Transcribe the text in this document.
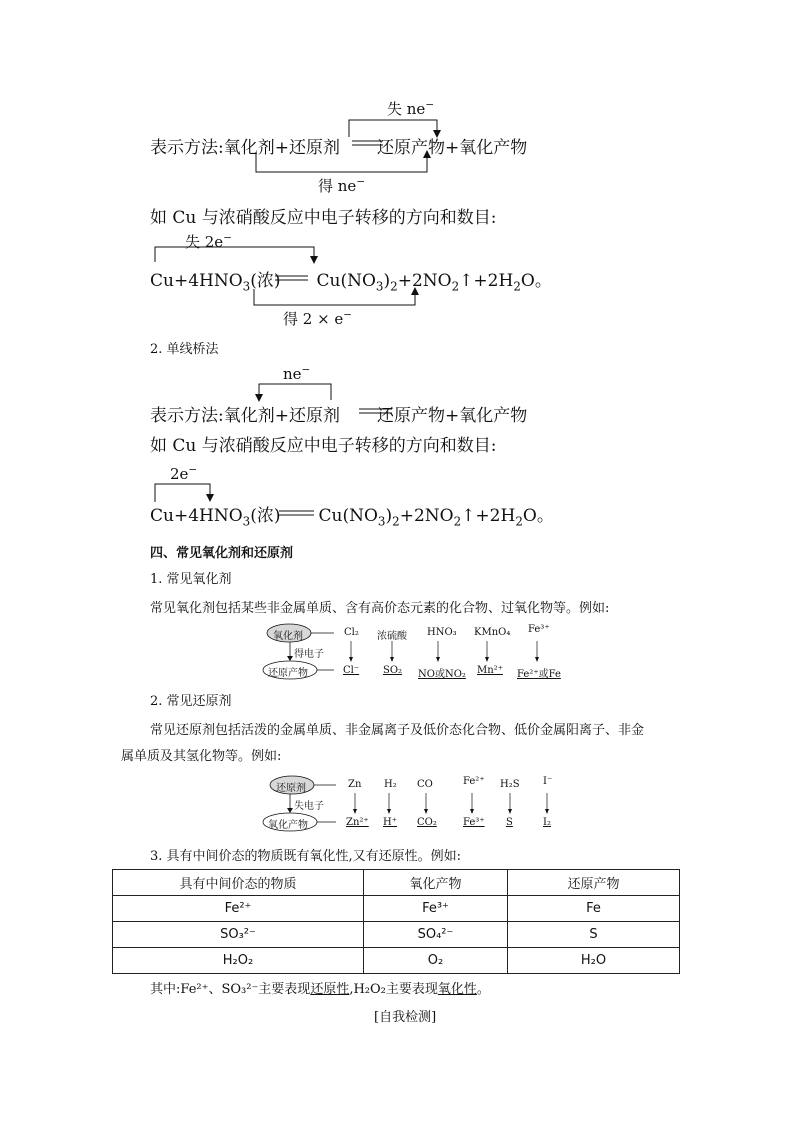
失 ne−
表示方法:氧化剂+还原剂 还原产物+氧化产物
得 ne−
如 Cu 与浓硝酸反应中电子转移的方向和数目:
失 2e−
$Cu+4HNO_3$(浓) $Cu(NO_3)_2+2NO_2↑+2H_2O$。
得 2 × e−
2. 单线桥法
ne−
表示方法:氧化剂+还原剂 还原产物+氧化产物
如 Cu 与浓硝酸反应中电子转移的方向和数目:
2e−
$Cu+4HNO_3$(浓) $Cu(NO_3)_2+2NO_2↑+2H_2O$。
四、常见氧化剂和还原剂
1. 常见氧化剂
常见氧化剂包括某些非金属单质、含有高价态元素的化合物、过氧化物等。例如:
氧化剂
得电子
还原产物
Cl₂ 浓硫酸 HNO₃ KMnO₄ Fe³⁺
Cl⁻ SO₂ NO或NO₂ Mn²⁺ Fe²⁺或Fe
2. 常见还原剂
常见还原剂包括活泼的金属单质、非金属离子及低价态化合物、低价金属阳离子、非金
属单质及其氢化物等。例如:
还原剂
失电子
氧化产物
Zn H₂ CO	Fe²⁺ H₂S I⁻
Zn²⁺ H⁺ CO₂	Fe³⁺ S	I₂
3. 具有中间价态的物质既有氧化性,又有还原性。例如:
具有中间价态的物质	氧化产物	还原产物
Fe²⁺	Fe³⁺	Fe
SO₃²⁻	SO₄²⁻	S
H₂O₂	O₂	H₂O
其中:Fe²⁺、SO₃²⁻主要表现还原性,H₂O₂主要表现氧化性。
[自我检测]
